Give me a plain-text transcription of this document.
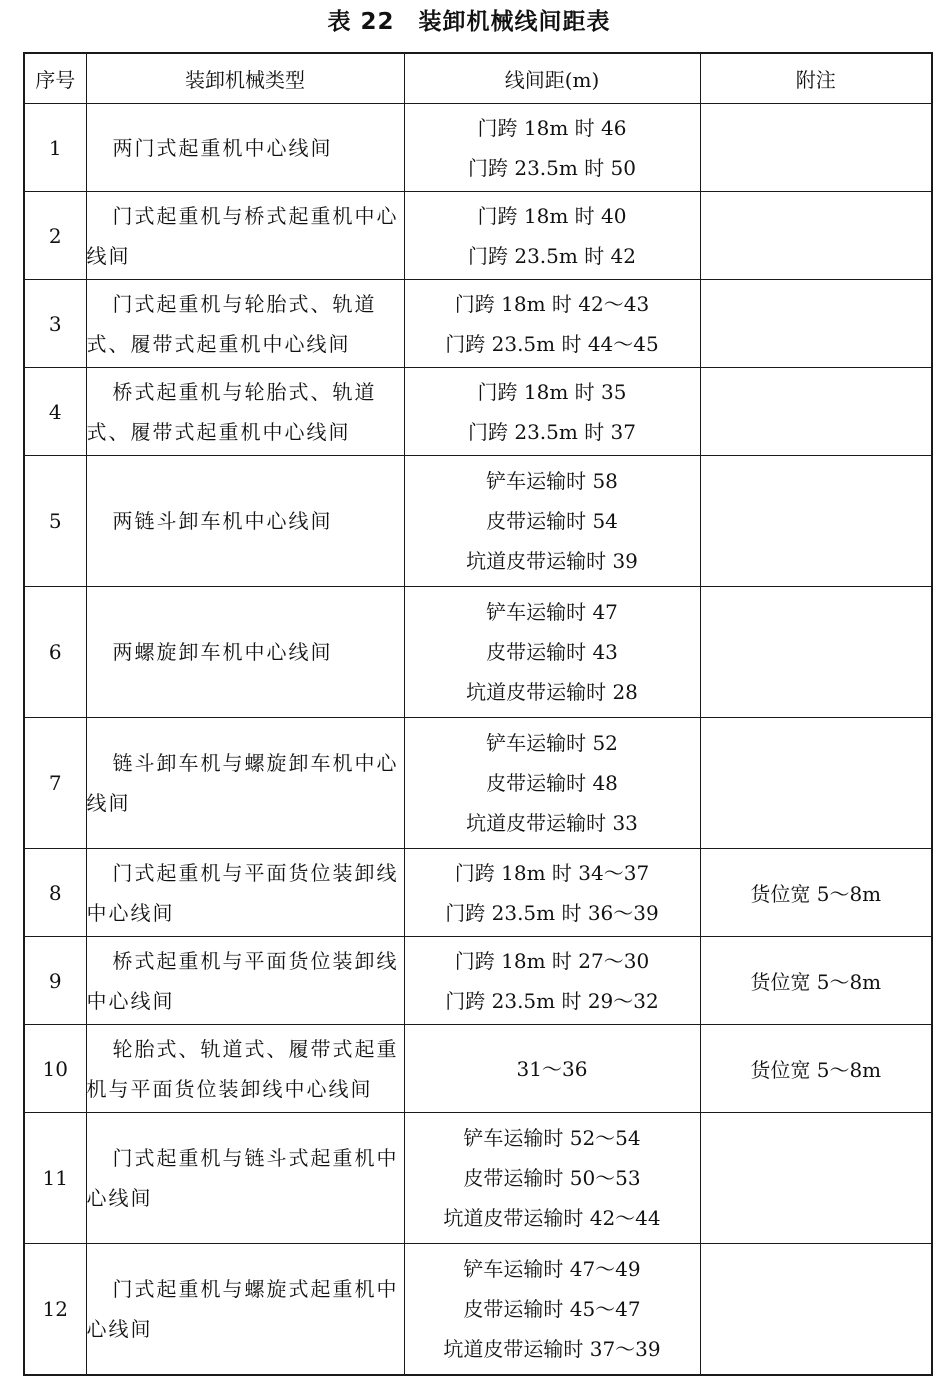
表 22　装卸机械线间距表
序号	装卸机械类型	线间距(m)	附注
1	两门式起重机中心线间	门跨 18m 时 46
门跨 23.5m 时 50	

2	门式起重机与桥式起重机中心线间	门跨 18m 时 40
门跨 23.5m 时 42	

3	门式起重机与轮胎式、轨道式、履带式起重机中心线间	门跨 18m 时 42～43
门跨 23.5m 时 44～45	

4	桥式起重机与轮胎式、轨道式、履带式起重机中心线间	门跨 18m 时 35
门跨 23.5m 时 37	

5	两链斗卸车机中心线间	铲车运输时 58
皮带运输时 54
坑道皮带运输时 39	

6	两螺旋卸车机中心线间	铲车运输时 47
皮带运输时 43
坑道皮带运输时 28	

7	链斗卸车机与螺旋卸车机中心线间	铲车运输时 52
皮带运输时 48
坑道皮带运输时 33	

8	门式起重机与平面货位装卸线中心线间	门跨 18m 时 34～37
门跨 23.5m 时 36～39	货位宽 5～8m
9	桥式起重机与平面货位装卸线中心线间	门跨 18m 时 27～30
门跨 23.5m 时 29～32	货位宽 5～8m
10	轮胎式、轨道式、履带式起重机与平面货位装卸线中心线间	31～36	货位宽 5～8m
11	门式起重机与链斗式起重机中心线间	铲车运输时 52～54
皮带运输时 50～53
坑道皮带运输时 42～44	

12	门式起重机与螺旋式起重机中心线间	铲车运输时 47～49
皮带运输时 45～47
坑道皮带运输时 37～39	
